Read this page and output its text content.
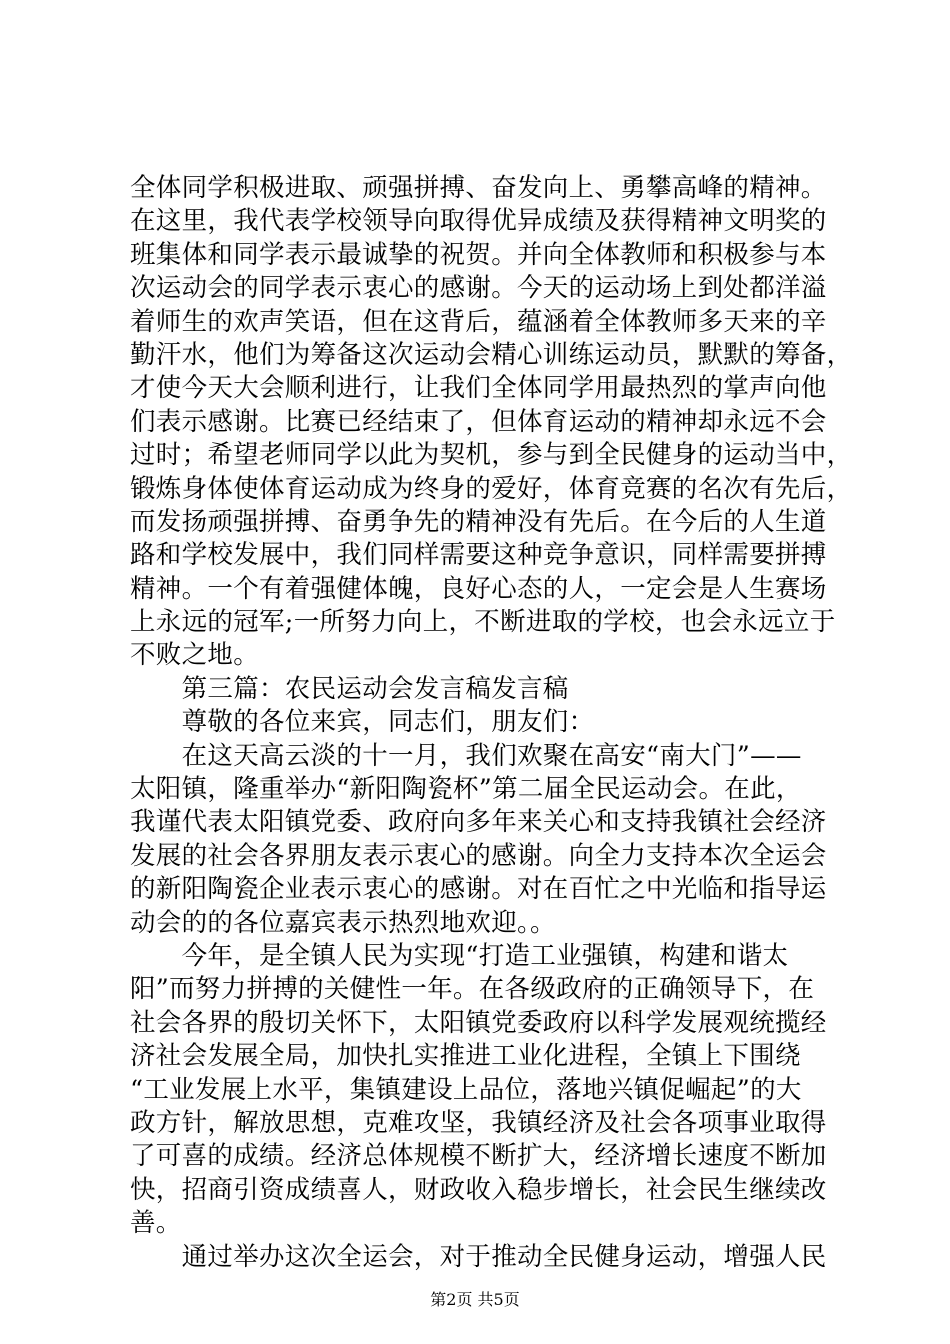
全体同学积极进取、顽强拼搏、奋发向上、勇攀高峰的精神。
在这里，我代表学校领导向取得优异成绩及获得精神文明奖的
班集体和同学表示最诚挚的祝贺。并向全体教师和积极参与本
次运动会的同学表示衷心的感谢。今天的运动场上到处都洋溢
着师生的欢声笑语，但在这背后，蕴涵着全体教师多天来的辛
勤汗水，他们为筹备这次运动会精心训练运动员，默默的筹备，
才使今天大会顺利进行，让我们全体同学用最热烈的掌声向他
们表示感谢。比赛已经结束了，但体育运动的精神却永远不会
过时；希望老师同学以此为契机，参与到全民健身的运动当中，
锻炼身体使体育运动成为终身的爱好，体育竞赛的名次有先后，
而发扬顽强拼搏、奋勇争先的精神没有先后。在今后的人生道
路和学校发展中，我们同样需要这种竞争意识，同样需要拼搏
精神。一个有着强健体魄，良好心态的人，一定会是人生赛场
上永远的冠军;一所努力向上，不断进取的学校，也会永远立于
不败之地。
　　第三篇：农民运动会发言稿发言稿
　　尊敬的各位来宾，同志们，朋友们：
　　在这天高云淡的十一月，我们欢聚在高安“南大门”——
太阳镇，隆重举办“新阳陶瓷杯”第二届全民运动会。在此，
我谨代表太阳镇党委、政府向多年来关心和支持我镇社会经济
发展的社会各界朋友表示衷心的感谢。向全力支持本次全运会
的新阳陶瓷企业表示衷心的感谢。对在百忙之中光临和指导运
动会的的各位嘉宾表示热烈地欢迎。。
　　今年，是全镇人民为实现“打造工业强镇，构建和谐太
阳”而努力拼搏的关健性一年。在各级政府的正确领导下，在
社会各界的殷切关怀下，太阳镇党委政府以科学发展观统揽经
济社会发展全局，加快扎实推进工业化进程，全镇上下围绕
“工业发展上水平，集镇建设上品位，落地兴镇促崛起”的大
政方针，解放思想，克难攻坚，我镇经济及社会各项事业取得
了可喜的成绩。经济总体规模不断扩大，经济增长速度不断加
快，招商引资成绩喜人，财政收入稳步增长，社会民生继续改
善。
　　通过举办这次全运会，对于推动全民健身运动，增强人民
第2页 共5页
